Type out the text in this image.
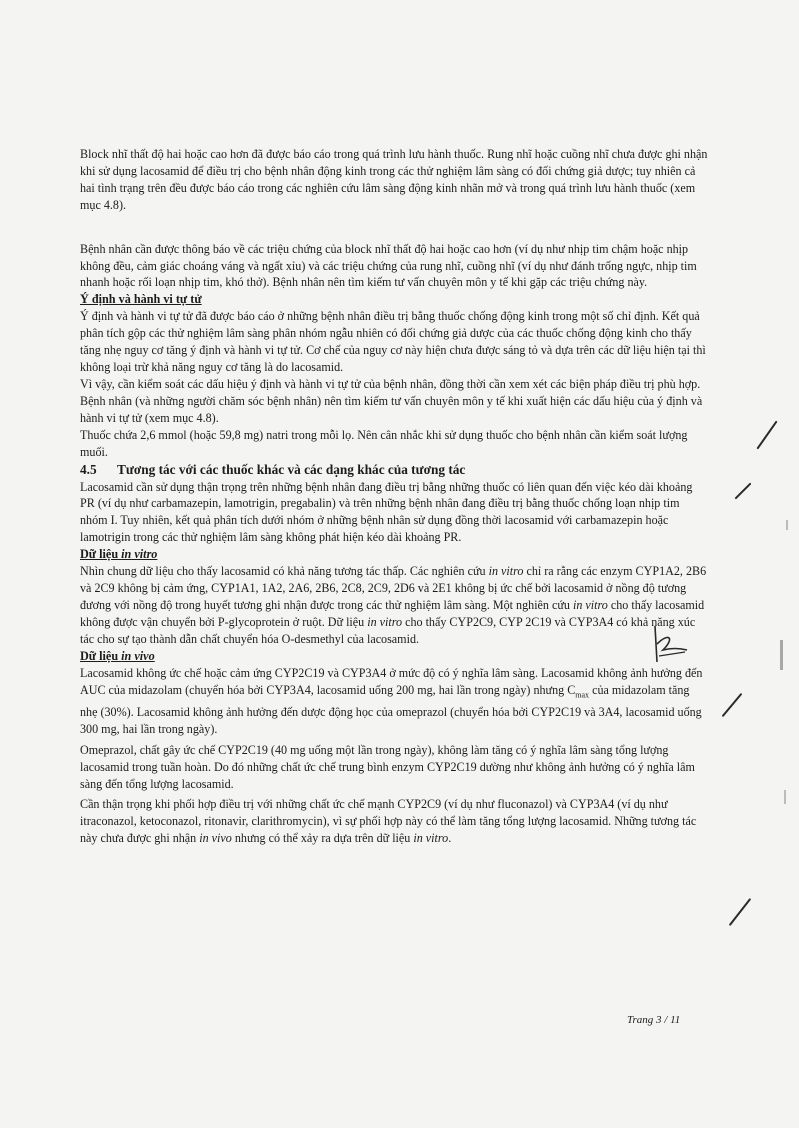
Block nhĩ thất độ hai hoặc cao hơn đã được báo cáo trong quá trình lưu hành thuốc. Rung nhĩ hoặc cuồng nhĩ chưa được ghi nhận khi sử dụng lacosamid để điều trị cho bệnh nhân động kinh trong các thử nghiệm lâm sàng có đối chứng giả dược; tuy nhiên cả hai tình trạng trên đều được báo cáo trong các nghiên cứu lâm sàng động kinh nhãn mở và trong quá trình lưu hành thuốc (xem mục 4.8).

Bệnh nhân cần được thông báo về các triệu chứng của block nhĩ thất độ hai hoặc cao hơn (ví dụ như nhịp tim chậm hoặc nhịp không đều, cảm giác choáng váng và ngất xỉu) và các triệu chứng của rung nhĩ, cuồng nhĩ (ví dụ như đánh trống ngực, nhịp tim nhanh hoặc rối loạn nhịp tim, khó thở). Bệnh nhân nên tìm kiếm tư vấn chuyên môn y tế khi gặp các triệu chứng này.

Ý định và hành vi tự tử

Ý định và hành vi tự tử đã được báo cáo ở những bệnh nhân điều trị bằng thuốc chống động kinh trong một số chỉ định. Kết quả phân tích gộp các thử nghiệm lâm sàng phân nhóm ngẫu nhiên có đối chứng giả dược của các thuốc chống động kinh cho thấy tăng nhẹ nguy cơ tăng ý định và hành vi tự tử. Cơ chế của nguy cơ này hiện chưa được sáng tỏ và dựa trên các dữ liệu hiện tại thì không loại trừ khả năng nguy cơ tăng là do lacosamid.

Vì vậy, cần kiểm soát các dấu hiệu ý định và hành vi tự tử của bệnh nhân, đồng thời cần xem xét các biện pháp điều trị phù hợp. Bệnh nhân (và những người chăm sóc bệnh nhân) nên tìm kiếm tư vấn chuyên môn y tế khi xuất hiện các dấu hiệu của ý định và hành vi tự tử (xem mục 4.8).

Thuốc chứa 2,6 mmol (hoặc 59,8 mg) natri trong mỗi lọ. Nên cân nhắc khi sử dụng thuốc cho bệnh nhân cần kiểm soát lượng muối.

4.5	Tương tác với các thuốc khác và các dạng khác của tương tác

Lacosamid cần sử dụng thận trọng trên những bệnh nhân đang điều trị bằng những thuốc có liên quan đến việc kéo dài khoảng PR (ví dụ như carbamazepin, lamotrigin, pregabalin) và trên những bệnh nhân đang điều trị bằng thuốc chống loạn nhịp tim nhóm I. Tuy nhiên, kết quả phân tích dưới nhóm ở những bệnh nhân sử dụng đồng thời lacosamid với carbamazepin hoặc lamotrigin trong các thử nghiệm lâm sàng không phát hiện kéo dài khoảng PR.

Dữ liệu in vitro

Nhìn chung dữ liệu cho thấy lacosamid có khả năng tương tác thấp. Các nghiên cứu in vitro chỉ ra rằng các enzym CYP1A2, 2B6 và 2C9 không bị cảm ứng, CYP1A1, 1A2, 2A6, 2B6, 2C8, 2C9, 2D6 và 2E1 không bị ức chế bởi lacosamid ở nồng độ tương đương với nồng độ trong huyết tương ghi nhận được trong các thử nghiệm lâm sàng. Một nghiên cứu in vitro cho thấy lacosamid không được vận chuyển bởi P-glycoprotein ở ruột. Dữ liệu in vitro cho thấy CYP2C9, CYP 2C19 và CYP3A4 có khả năng xúc tác cho sự tạo thành dẫn chất chuyển hóa O-desmethyl của lacosamid.

Dữ liệu in vivo

Lacosamid không ức chế hoặc cảm ứng CYP2C19 và CYP3A4 ở mức độ có ý nghĩa lâm sàng. Lacosamid không ảnh hưởng đến AUC của midazolam (chuyển hóa bởi CYP3A4, lacosamid uống 200 mg, hai lần trong ngày) nhưng $C_{max}$ của midazolam tăng nhẹ (30%). Lacosamid không ảnh hưởng đến dược động học của omeprazol (chuyển hóa bởi CYP2C19 và 3A4, lacosamid uống 300 mg, hai lần trong ngày).

Omeprazol, chất gây ức chế CYP2C19 (40 mg uống một lần trong ngày), không làm tăng có ý nghĩa lâm sàng tổng lượng lacosamid trong tuần hoàn. Do đó những chất ức chế trung bình enzym CYP2C19 dường như không ảnh hưởng có ý nghĩa lâm sàng đến tổng lượng lacosamid.

Cần thận trọng khi phối hợp điều trị với những chất ức chế mạnh CYP2C9 (ví dụ như fluconazol) và CYP3A4 (ví dụ như itraconazol, ketoconazol, ritonavir, clarithromycin), vì sự phối hợp này có thể làm tăng tổng lượng lacosamid. Những tương tác này chưa được ghi nhận in vivo nhưng có thể xảy ra dựa trên dữ liệu in vitro.

Trang 3 / 11
